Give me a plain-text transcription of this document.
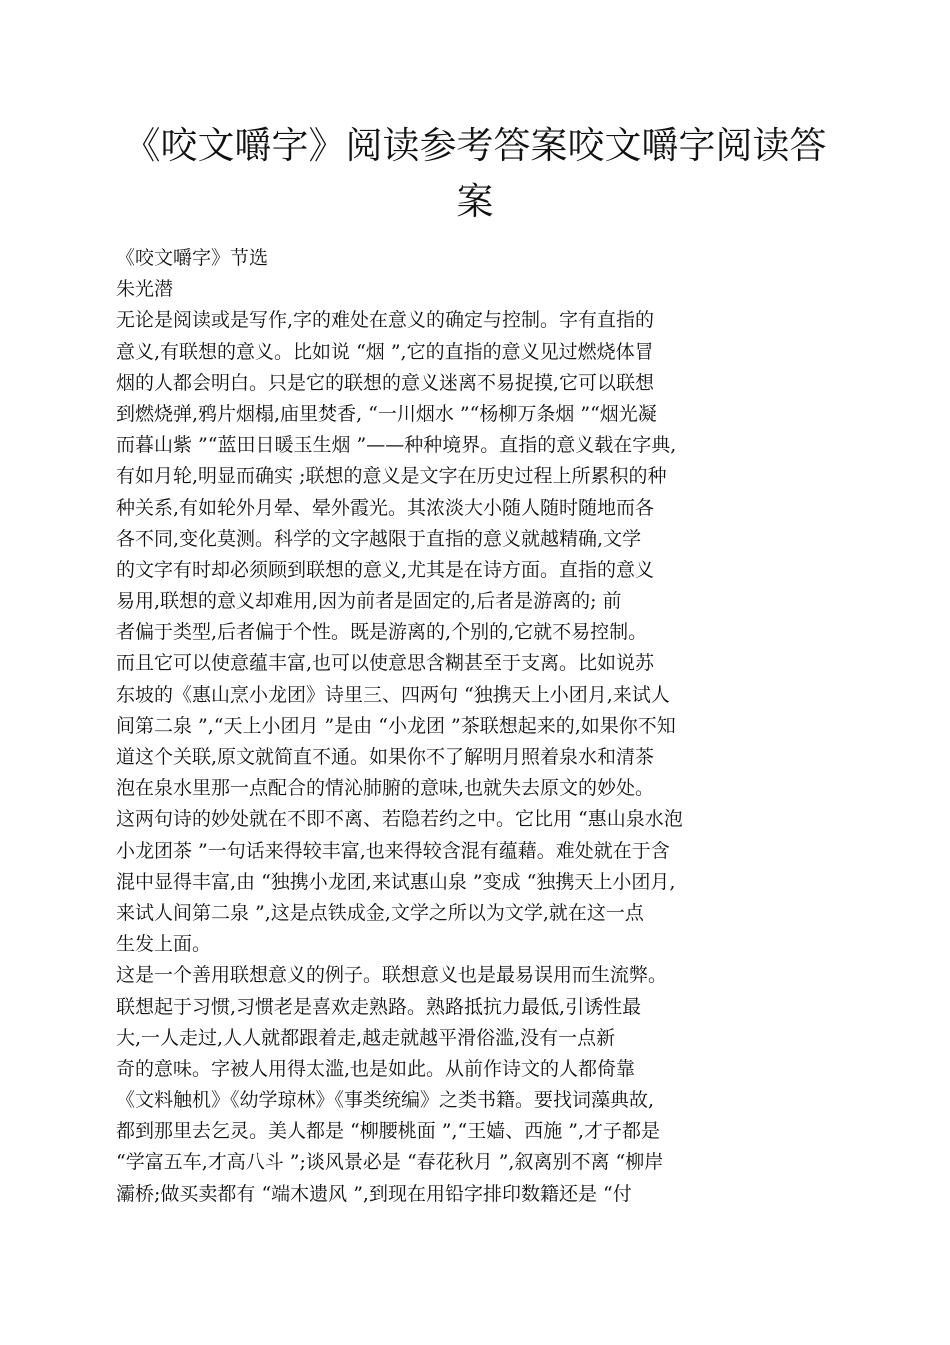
《咬文嚼字》阅读参考答案咬文嚼字阅读答
案
《咬文嚼字》节选
朱光潜
无论是阅读或是写作,字的难处在意义的确定与控制。字有直指的
意义,有联想的意义。比如说 “烟 ”,它的直指的意义见过燃烧体冒
烟的人都会明白。只是它的联想的意义迷离不易捉摸,它可以联想
到燃烧弹,鸦片烟榻,庙里焚香, “一川烟水 ”“杨柳万条烟 ”“烟光凝
而暮山紫 ”“蓝田日暖玉生烟 ”——种种境界。直指的意义载在字典,
有如月轮,明显而确实 ;联想的意义是文字在历史过程上所累积的种
种关系,有如轮外月晕、晕外霞光。其浓淡大小随人随时随地而各
各不同,变化莫测。科学的文字越限于直指的意义就越精确,文学
的文字有时却必须顾到联想的意义,尤其是在诗方面。直指的意义
易用,联想的意义却难用,因为前者是固定的,后者是游离的; 前
者偏于类型,后者偏于个性。既是游离的,个别的,它就不易控制。
而且它可以使意蕴丰富,也可以使意思含糊甚至于支离。比如说苏
东坡的《惠山烹小龙团》诗里三、四两句 “独携天上小团月,来试人
间第二泉 ”,“天上小团月 ”是由 “小龙团 ”茶联想起来的,如果你不知
道这个关联,原文就简直不通。如果你不了解明月照着泉水和清茶
泡在泉水里那一点配合的情沁肺腑的意味,也就失去原文的妙处。
这两句诗的妙处就在不即不离、若隐若约之中。它比用 “惠山泉水泡
小龙团茶 ”一句话来得较丰富,也来得较含混有蕴藉。难处就在于含
混中显得丰富,由 “独携小龙团,来试惠山泉 ”变成 “独携天上小团月,
来试人间第二泉 ”,这是点铁成金,文学之所以为文学,就在这一点
生发上面。
这是一个善用联想意义的例子。联想意义也是最易误用而生流弊。
联想起于习惯,习惯老是喜欢走熟路。熟路抵抗力最低,引诱性最
大,一人走过,人人就都跟着走,越走就越平滑俗滥,没有一点新
奇的意味。字被人用得太滥,也是如此。从前作诗文的人都倚靠
《文料触机》《幼学琼林》《事类统编》之类书籍。要找词藻典故,
都到那里去乞灵。美人都是 “柳腰桃面 ”,“王嫱、西施 ”,才子都是
“学富五车,才高八斗 ”;谈风景必是 “春花秋月 ”,叙离别不离 “柳岸
灞桥;做买卖都有 “端木遗风 ”,到现在用铅字排印数籍还是 “付
